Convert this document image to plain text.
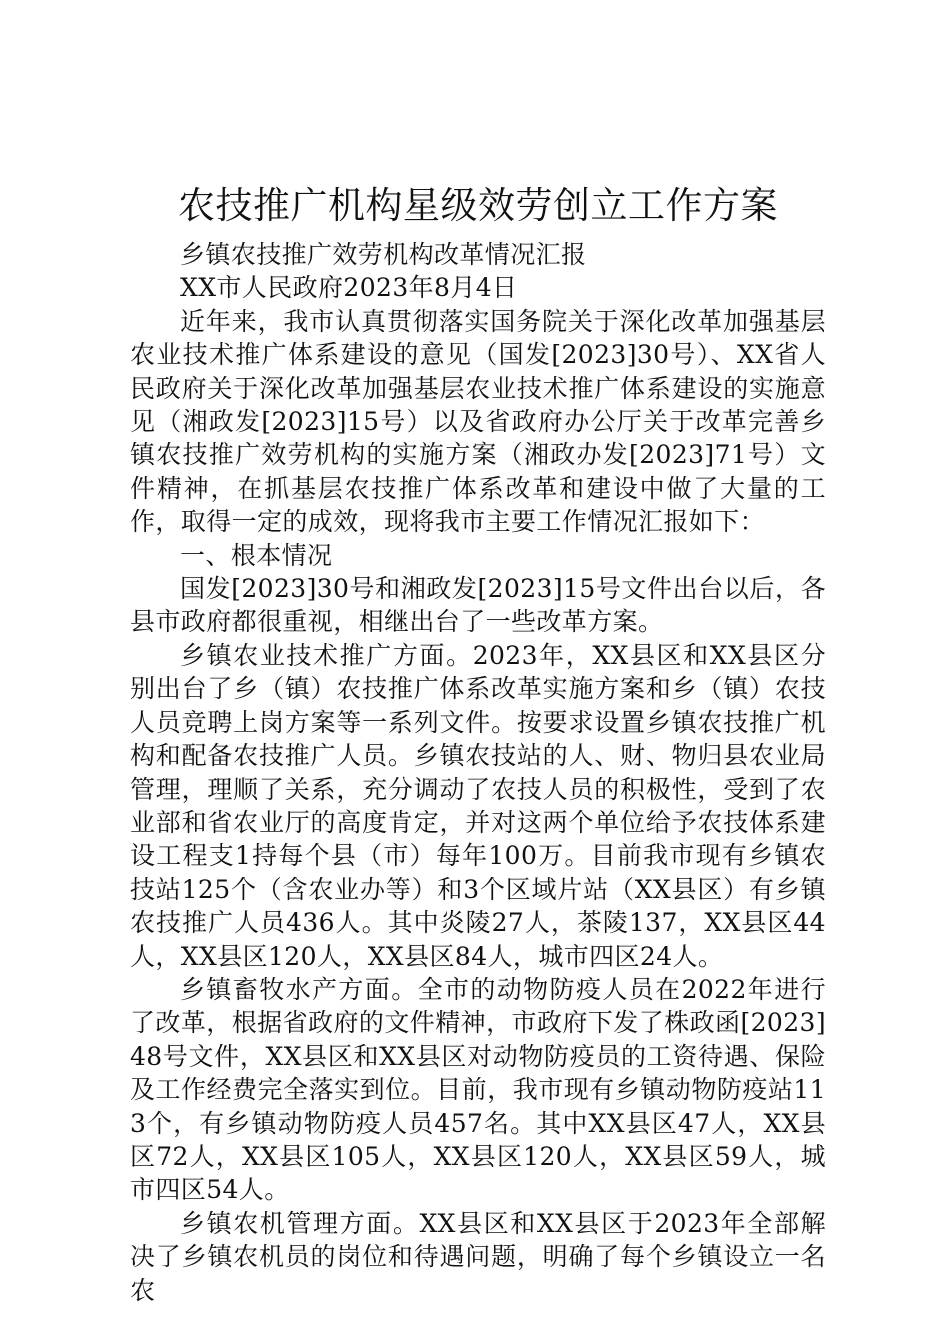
农技推广机构星级效劳创立工作方案

乡镇农技推广效劳机构改革情况汇报

XX市人民政府2023年8月4日

近年来，我市认真贯彻落实国务院关于深化改革加强基层农业技术推广体系建设的意见（国发[2023]30号）、XX省人民政府关于深化改革加强基层农业技术推广体系建设的实施意见（湘政发[2023]15号）以及省政府办公厅关于改革完善乡镇农技推广效劳机构的实施方案（湘政办发[2023]71号）文件精神，在抓基层农技推广体系改革和建设中做了大量的工作，取得一定的成效，现将我市主要工作情况汇报如下：

一、根本情况

国发[2023]30号和湘政发[2023]15号文件出台以后，各县市政府都很重视，相继出台了一些改革方案。

乡镇农业技术推广方面。2023年，XX县区和XX县区分别出台了乡（镇）农技推广体系改革实施方案和乡（镇）农技人员竞聘上岗方案等一系列文件。按要求设置乡镇农技推广机构和配备农技推广人员。乡镇农技站的人、财、物归县农业局管理，理顺了关系，充分调动了农技人员的积极性，受到了农业部和省农业厅的高度肯定，并对这两个单位给予农技体系建设工程支1持每个县（市）每年100万。目前我市现有乡镇农技站125个（含农业办等）和3个区域片站（XX县区）有乡镇农技推广人员436人。其中炎陵27人，茶陵137，XX县区44人，XX县区120人，XX县区84人，城市四区24人。

乡镇畜牧水产方面。全市的动物防疫人员在2022年进行了改革，根据省政府的文件精神，市政府下发了株政函[2023]48号文件，XX县区和XX县区对动物防疫员的工资待遇、保险及工作经费完全落实到位。目前，我市现有乡镇动物防疫站113个，有乡镇动物防疫人员457名。其中XX县区47人，XX县区72人，XX县区105人，XX县区120人，XX县区59人，城市四区54人。

乡镇农机管理方面。XX县区和XX县区于2023年全部解决了乡镇农机员的岗位和待遇问题，明确了每个乡镇设立一名农
